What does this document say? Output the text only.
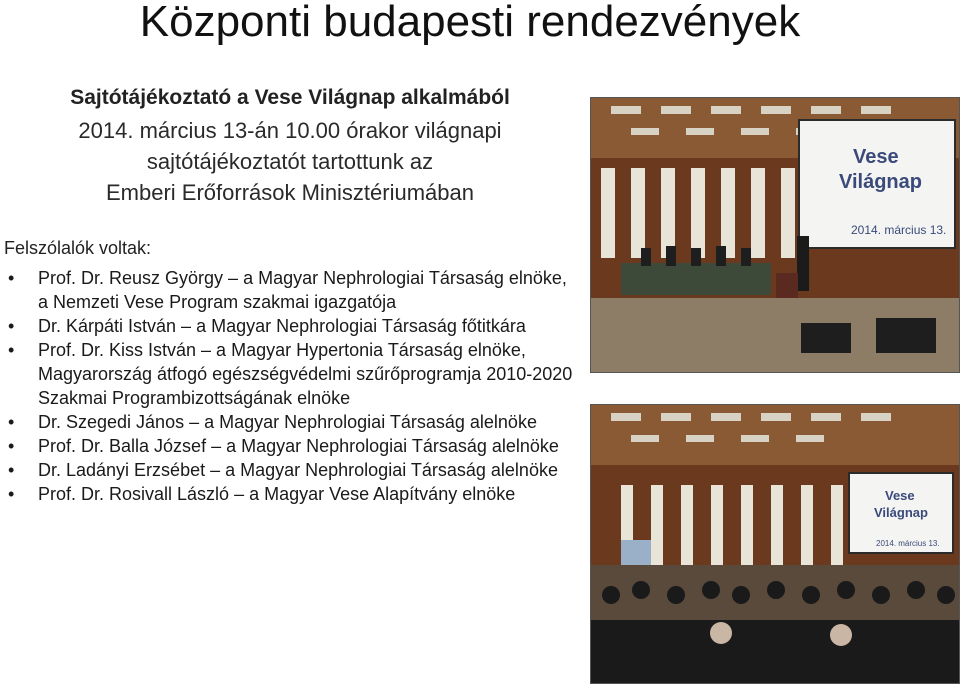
Központi budapesti rendezvények
Sajtótájékoztató a Vese Világnap alkalmából
2014. március 13-án 10.00 órakor világnapi
sajtótájékoztatót tartottunk az
Emberi Erőforrások Minisztériumában
Felszólalók voltak:
• Prof. Dr. Reusz György – a Magyar Nephrologiai Társaság elnöke, a Nemzeti Vese Program szakmai igazgatója
• Dr. Kárpáti István – a Magyar Nephrologiai Társaság főtitkára
• Prof. Dr. Kiss István – a Magyar Hypertonia Társaság elnöke, Magyarország átfogó egészségvédelmi szűrőprogramja 2010-2020 Szakmai Programbizottságának elnöke
• Dr. Szegedi János – a Magyar Nephrologiai Társaság alelnöke
• Prof. Dr. Balla József – a Magyar Nephrologiai Társaság alelnöke
• Dr. Ladányi Erzsébet – a Magyar Nephrologiai Társaság alelnöke
• Prof. Dr. Rosivall László – a Magyar Vese Alapítvány elnöke
Vese
Világnap
2014. március 13.
Vese
Világnap
2014. március 13.
